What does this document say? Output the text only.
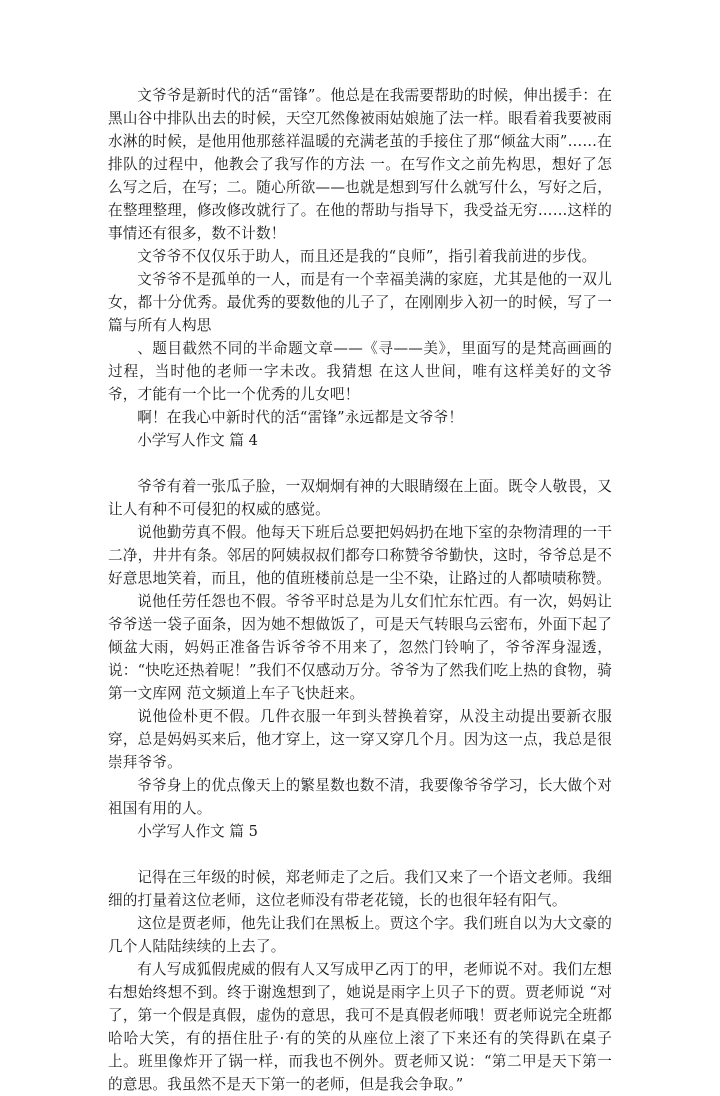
文爷爷是新时代的活“雷锋”。他总是在我需要帮助的时候，伸出援手：在黑山谷中排队出去的时候，天空兀然像被雨姑娘施了法一样。眼看着我要被雨水淋的时候，是他用他那慈祥温暖的充满老茧的手接住了那“倾盆大雨”……在排队的过程中，他教会了我写作的方法 一。在写作文之前先构思，想好了怎么写之后，在写；二。随心所欲——也就是想到写什么就写什么，写好之后，在整理整理，修改修改就行了。在他的帮助与指导下，我受益无穷……这样的事情还有很多，数不计数！

文爷爷不仅仅乐于助人，而且还是我的“良师”，指引着我前进的步伐。

文爷爷不是孤单的一人，而是有一个幸福美满的家庭，尤其是他的一双儿女，都十分优秀。最优秀的要数他的儿子了，在刚刚步入初一的时候，写了一篇与所有人构思

、题目截然不同的半命题文章——《寻——美》，里面写的是梵高画画的过程，当时他的老师一字未改。我猜想 在这人世间，唯有这样美好的文爷爷，才能有一个比一个优秀的儿女吧！

啊！在我心中新时代的活“雷锋”永远都是文爷爷！

小学写人作文 篇 4

爷爷有着一张瓜子脸，一双炯炯有神的大眼睛缀在上面。既令人敬畏，又让人有种不可侵犯的权威的感觉。

说他勤劳真不假。他每天下班后总要把妈妈扔在地下室的杂物清理的一干二净，井井有条。邻居的阿姨叔叔们都夸口称赞爷爷勤快，这时，爷爷总是不好意思地笑着，而且，他的值班楼前总是一尘不染，让路过的人都啧啧称赞。

说他任劳任怨也不假。爷爷平时总是为儿女们忙东忙西。有一次，妈妈让爷爷送一袋子面条，因为她不想做饭了，可是天气转眼乌云密布，外面下起了倾盆大雨，妈妈正准备告诉爷爷不用来了，忽然门铃响了，爷爷浑身湿透，说：“快吃还热着呢！”我们不仅感动万分。爷爷为了然我们吃上热的食物，骑第一文库网 范文频道上车子飞快赶来。

说他俭朴更不假。几件衣服一年到头替换着穿，从没主动提出要新衣服穿，总是妈妈买来后，他才穿上，这一穿又穿几个月。因为这一点，我总是很崇拜爷爷。

爷爷身上的优点像天上的繁星数也数不清，我要像爷爷学习，长大做个对祖国有用的人。

小学写人作文 篇 5

记得在三年级的时候，郑老师走了之后。我们又来了一个语文老师。我细细的打量着这位老师，这位老师没有带老花镜，长的也很年轻有阳气。

这位是贾老师，他先让我们在黑板上。贾这个字。我们班自以为大文豪的几个人陆陆续续的上去了。

有人写成狐假虎威的假有人又写成甲乙丙丁的甲，老师说不对。我们左想右想始终想不到。终于谢逸想到了，她说是雨字上贝子下的贾。贾老师说 “对了，第一个假是真假，虚伪的意思，我可不是真假老师哦！贾老师说完全班都哈哈大笑，有的捂住肚子·有的笑的从座位上滚了下来还有的笑得趴在桌子上。班里像炸开了锅一样，而我也不例外。贾老师又说：“第二甲是天下第一的意思。我虽然不是天下第一的老师，但是我会争取。”
